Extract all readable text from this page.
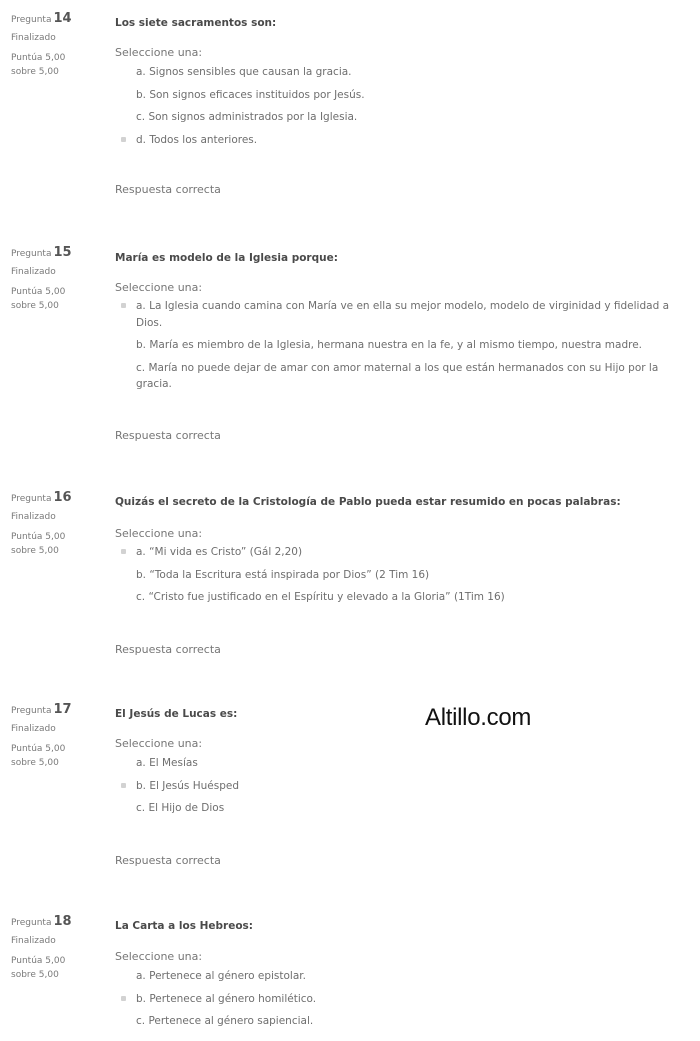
Pregunta 14
Finalizado
Puntúa 5,00
sobre 5,00
Los siete sacramentos son:
Seleccione una:
a. Signos sensibles que causan la gracia.
b. Son signos eficaces instituidos por Jesús.
c. Son signos administrados por la Iglesia.
d. Todos los anteriores.
Respuesta correcta
Pregunta 15
Finalizado
Puntúa 5,00
sobre 5,00
María es modelo de la Iglesia porque:
Seleccione una:
a. La Iglesia cuando camina con María ve en ella su mejor modelo, modelo de virginidad y fidelidad a Dios.
b. María es miembro de la Iglesia, hermana nuestra en la fe, y al mismo tiempo, nuestra madre.
c. María no puede dejar de amar con amor maternal a los que están hermanados con su Hijo por la gracia.
Respuesta correcta
Pregunta 16
Finalizado
Puntúa 5,00
sobre 5,00
Quizás el secreto de la Cristología de Pablo pueda estar resumido en pocas palabras:
Seleccione una:
a. “Mi vida es Cristo” (Gál 2,20)
b. “Toda la Escritura está inspirada por Dios” (2 Tim 16)
c. “Cristo fue justificado en el Espíritu y elevado a la Gloria” (1Tim 16)
Respuesta correcta
Pregunta 17
Finalizado
Puntúa 5,00
sobre 5,00
El Jesús de Lucas es:
Seleccione una:
a. El Mesías
b. El Jesús Huésped
c. El Hijo de Dios
Respuesta correcta
Pregunta 18
Finalizado
Puntúa 5,00
sobre 5,00
La Carta a los Hebreos:
Seleccione una:
a. Pertenece al género epistolar.
b. Pertenece al género homilético.
c. Pertenece al género sapiencial.
Altillo.com
